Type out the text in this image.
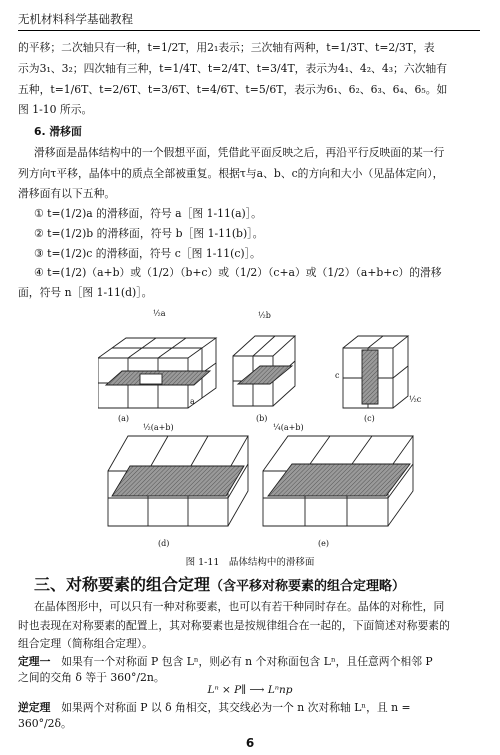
无机材料科学基础教程

的平移；二次轴只有一种，t=1/2T，用2₁表示；三次轴有两种，t=1/3T、t=2/3T，表

示为3₁、3₂；四次轴有三种，t=1/4T、t=2/4T、t=3/4T，表示为4₁、4₂、4₃；六次轴有

五种，t=1/6T、t=2/6T、t=3/6T、t=4/6T、t=5/6T，表示为6₁、6₂、6₃、6₄、6₅。如

图 1-10 所示。

6. 滑移面

滑移面是晶体结构中的一个假想平面，凭借此平面反映之后，再沿平行反映面的某一行

列方向τ平移，晶体中的质点全部被重复。根据τ与a、b、c的方向和大小（见晶体定向），

滑移面有以下五种。

① t=(1/2)a 的滑移面，符号 a［图 1-11(a)］。

② t=(1/2)b 的滑移面，符号 b［图 1-11(b)］。

③ t=(1/2)c 的滑移面，符号 c［图 1-11(c)］。

④ t=(1/2)（a+b）或（1/2）（b+c）或（1/2）（c+a）或（1/2）（a+b+c）的滑移

面，符号 n［图 1-11(d)］。

½a	½b
½c
(a)	(b)	(c)
½(a+b)	¼(a+b)
a
c
(d)	(e)
图 1-11　晶体结构中的滑移面
三、对称要素的组合定理（含平移对称要素的组合定理略）

在晶体图形中，可以只有一种对称要素，也可以有若干种同时存在。晶体的对称性，同

时也表现在对称要素的配置上，其对称要素也是按规律组合在一起的，下面简述对称要素的

组合定理（简称组合定理）。

定理一　 如果有一个对称面 P 包含 Lⁿ，则必有 n 个对称面包含 Lⁿ，且任意两个相邻 P

之间的交角 δ 等于 360°/2n。

Lⁿ × P∥ ⟶ Lⁿnp

逆定理　 如果两个对称面 P 以 δ 角相交，其交线必为一个 n 次对称轴 Lⁿ，且 n =

360°/2δ。

6
